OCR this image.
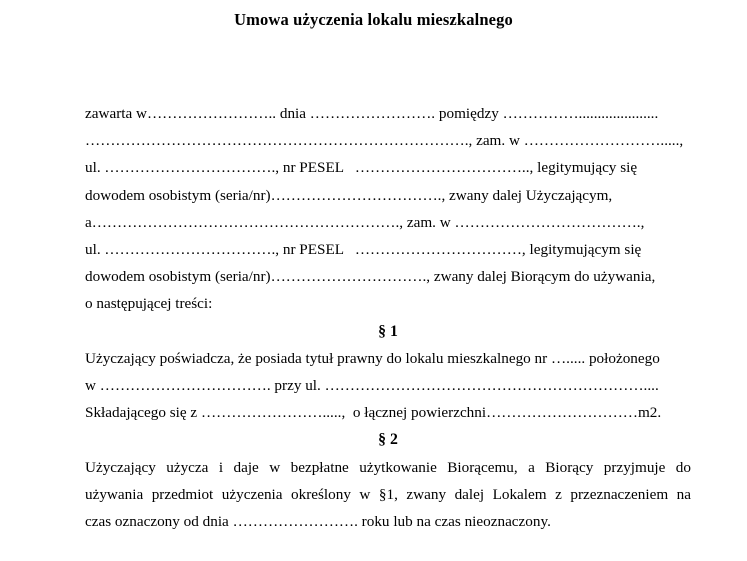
Umowa użyczenia lokalu mieszkalnego
zawarta w…………………….. dnia ……………………. pomiędzy …………….....................
…………………………………………………………………., zam. w ……………………….....,
ul. ……………………………., nr PESEL   …………………………….., legitymujący się
dowodem osobistym (seria/nr)……………………………., zwany dalej Użyczającym,
a……………………………………………………., zam. w ……………………………….,
ul. ……………………………., nr PESEL   ……………………………, legitymującym się
dowodem osobistym (seria/nr)…………………………., zwany dalej Biorącym do używania,
o następującej treści:
§ 1
Użyczający poświadcza, że posiada tytuł prawny do lokalu mieszkalnego nr …..... położonego
w ……………………………. przy ul. ………………………………………………………....
Składającego się z …………………….....,  o łącznej powierzchni…………………………m2.
§ 2
Użyczający użycza i daje w bezpłatne użytkowanie Biorącemu, a Biorący przyjmuje do
używania przedmiot użyczenia określony w §1, zwany dalej Lokalem z przeznaczeniem na
czas oznaczony od dnia ……………………. roku lub na czas nieoznaczony.
